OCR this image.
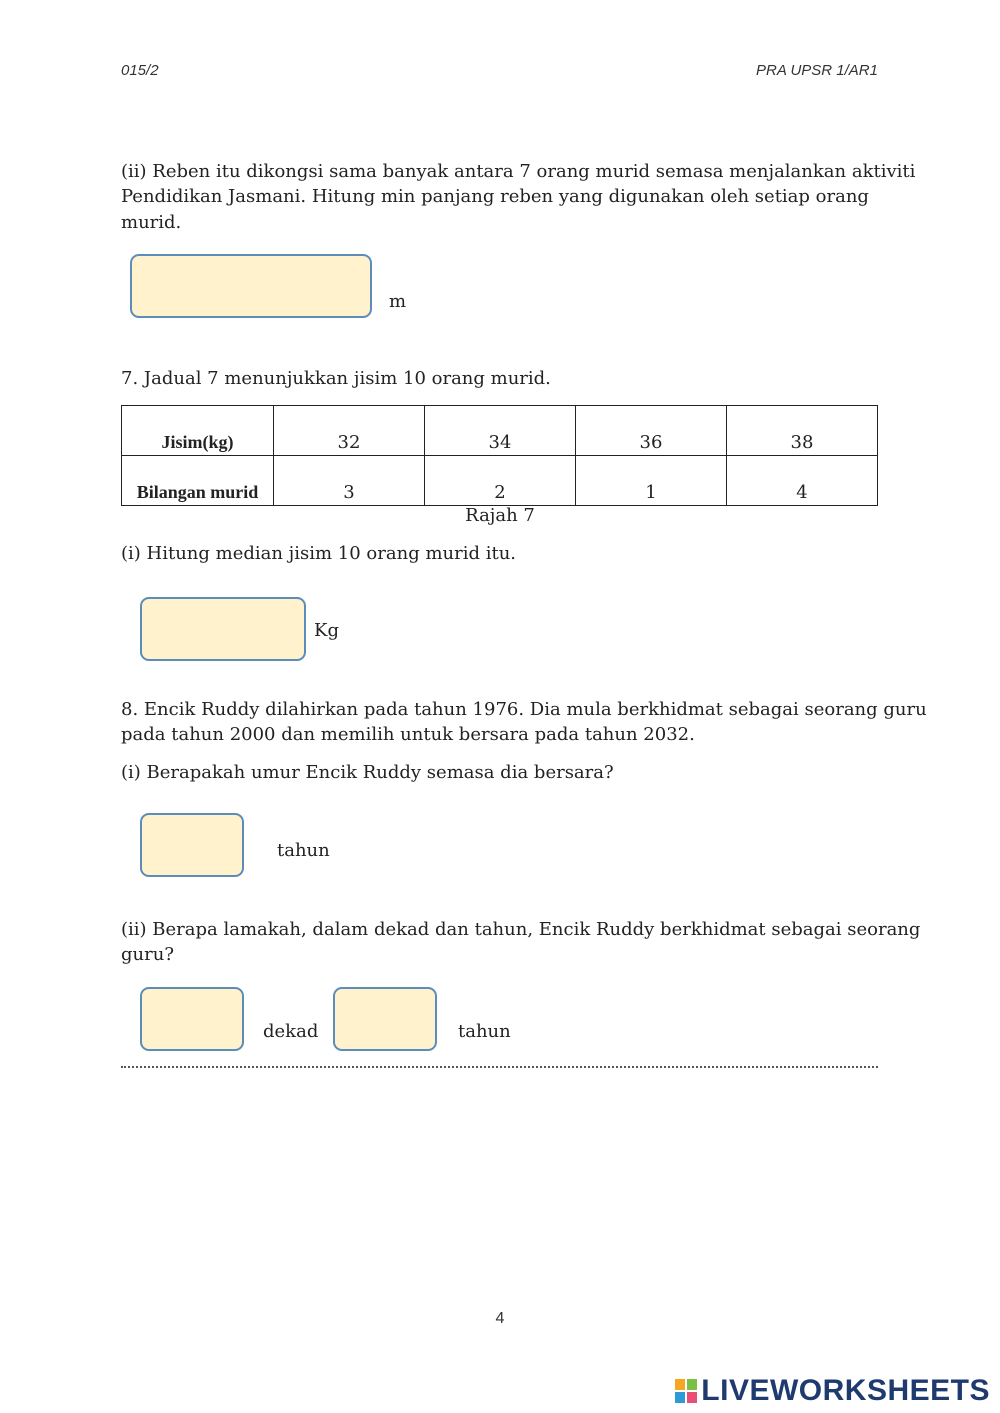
015/2	PRA UPSR 1/AR1
(ii) Reben itu dikongsi sama banyak antara 7 orang murid semasa menjalankan aktiviti
Pendidikan Jasmani. Hitung min panjang reben yang digunakan oleh setiap orang
murid.
m
7. Jadual 7 menunjukkan jisim 10 orang murid.
Jisim(kg)	32	34	36	38
Bilangan murid	3	2	1	4
Rajah 7
(i) Hitung median jisim 10 orang murid itu.
Kg
8. Encik Ruddy dilahirkan pada tahun 1976. Dia mula berkhidmat sebagai seorang guru
pada tahun 2000 dan memilih untuk bersara pada tahun 2032.
(i) Berapakah umur Encik Ruddy semasa dia bersara?
tahun
(ii) Berapa lamakah, dalam dekad dan tahun, Encik Ruddy berkhidmat sebagai seorang
guru?
dekad	tahun
4
LIVEWORKSHEETS
